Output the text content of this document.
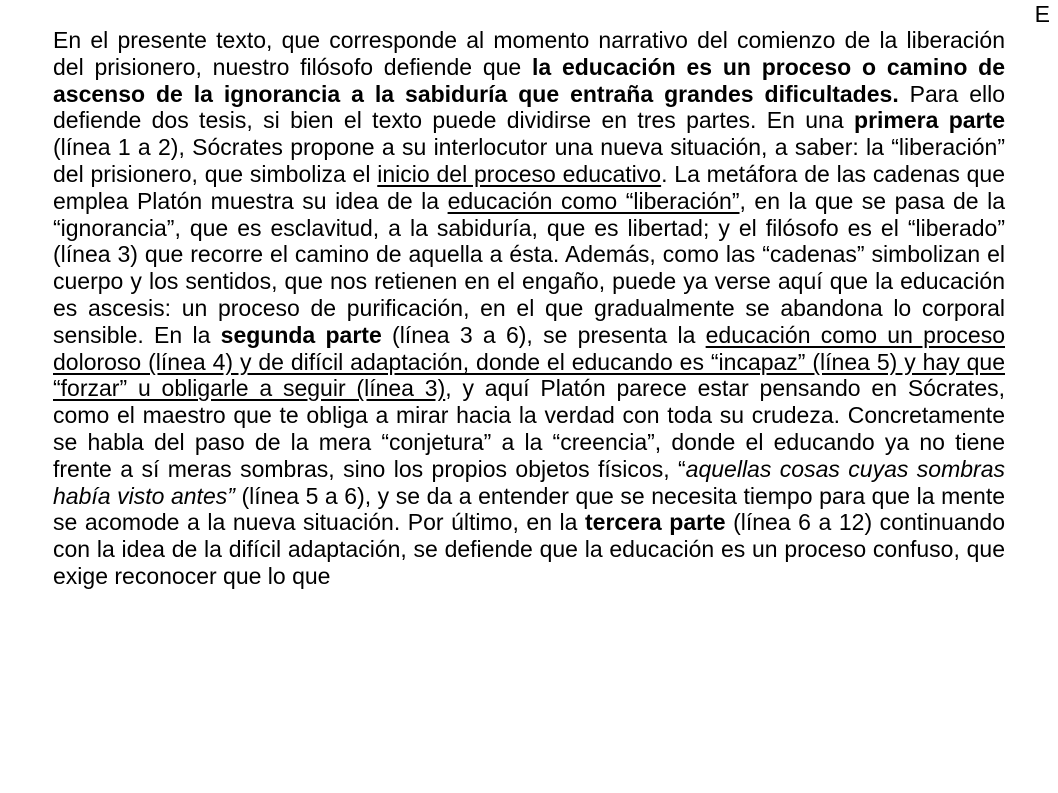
E

En el presente texto, que corresponde al momento narrativo del comienzo de la liberación del prisionero, nuestro filósofo defiende que la educación es un proceso o camino de ascenso de la ignorancia a la sabiduría que entraña grandes dificultades. Para ello defiende dos tesis, si bien el texto puede dividirse en tres partes. En una primera parte (línea 1 a 2), Sócrates propone a su interlocutor una nueva situación, a saber: la “liberación” del prisionero, que simboliza el inicio del proceso educativo. La metáfora de las cadenas que emplea Platón muestra su idea de la educación como “liberación”, en la que se pasa de la “ignorancia”, que es esclavitud, a la sabiduría, que es libertad; y el filósofo es el “liberado” (línea 3) que recorre el camino de aquella a ésta. Además, como las “cadenas” simbolizan el cuerpo y los sentidos, que nos retienen en el engaño, puede ya verse aquí que la educación es ascesis: un proceso de purificación, en el que gradualmente se abandona lo corporal sensible. En la segunda parte (línea 3 a 6), se presenta la educación como un proceso doloroso (línea 4) y de difícil adaptación, donde el educando es “incapaz” (línea 5) y hay que “forzar” u obligarle a seguir (línea 3), y aquí Platón parece estar pensando en Sócrates, como el maestro que te obliga a mirar hacia la verdad con toda su crudeza. Concretamente se habla del paso de la mera “conjetura” a la “creencia”, donde el educando ya no tiene frente a sí meras sombras, sino los propios objetos físicos, “aquellas cosas cuyas sombras había visto antes” (línea 5 a 6), y se da a entender que se necesita tiempo para que la mente se acomode a la nueva situación. Por último, en la tercera parte (línea 6 a 12) continuando con la idea de la difícil adaptación, se defiende que la educación es un proceso confuso, que exige reconocer que lo que
